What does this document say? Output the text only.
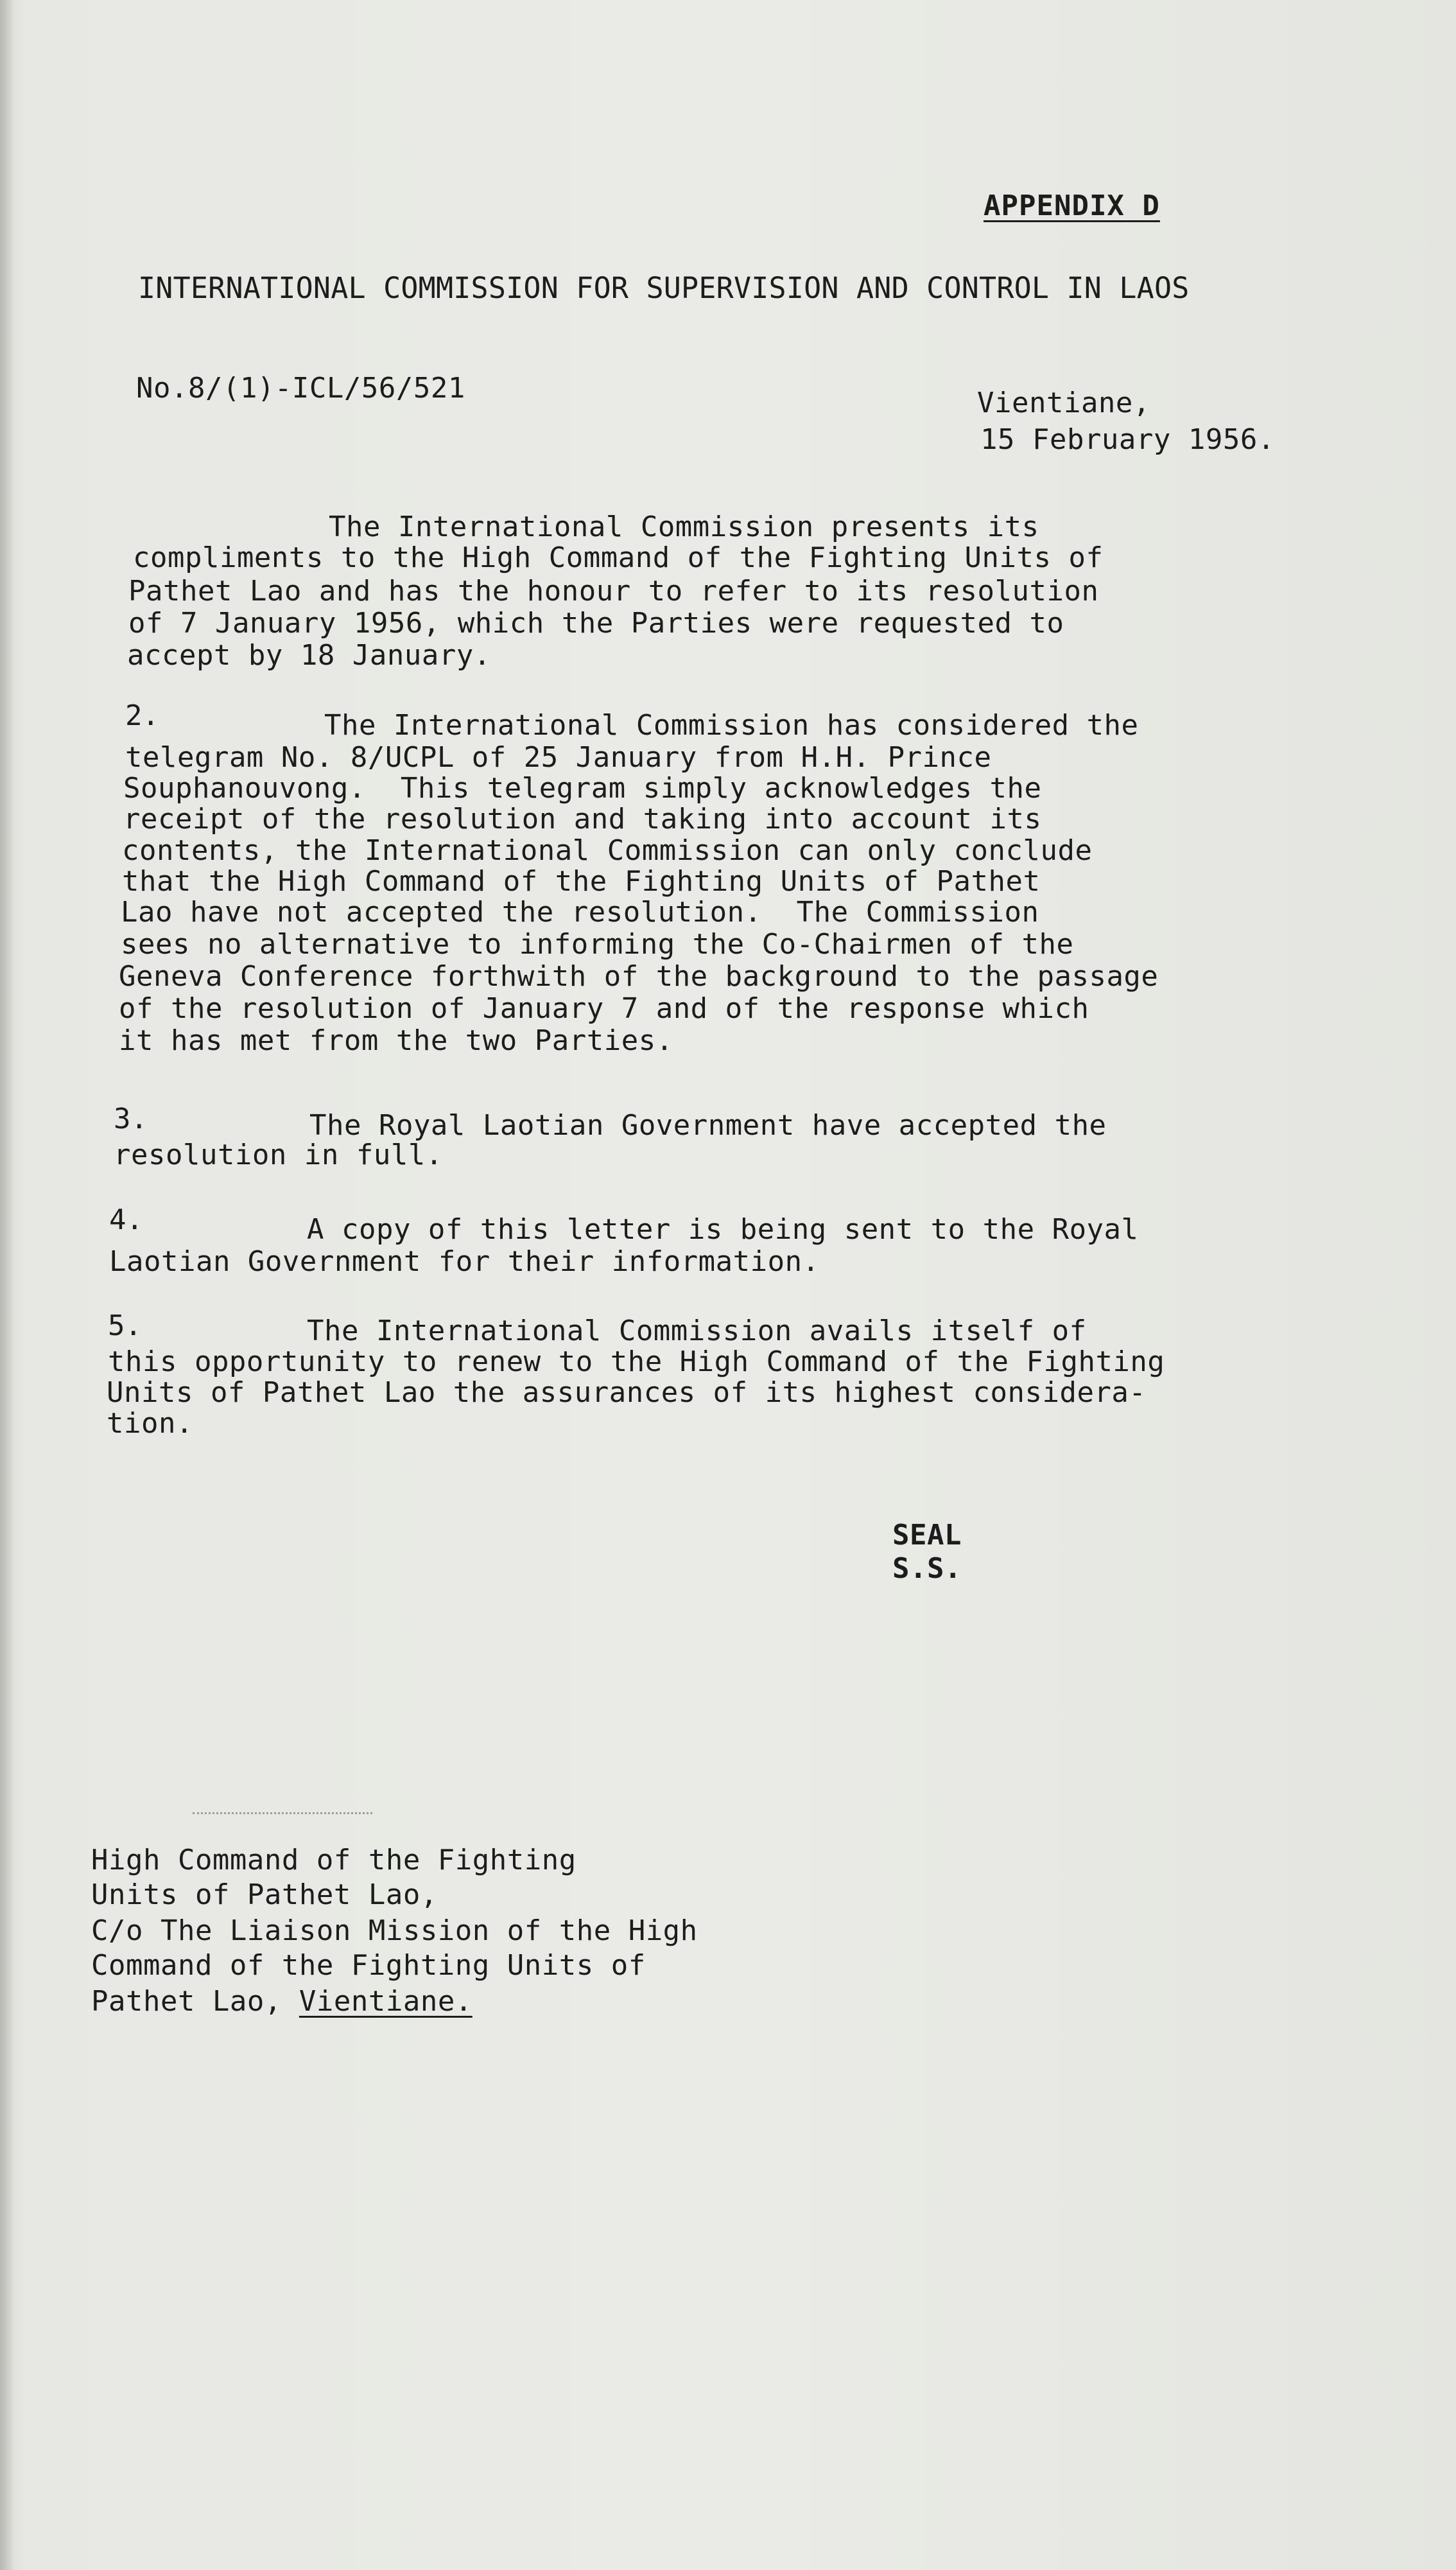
APPENDIX D
INTERNATIONAL COMMISSION FOR SUPERVISION AND CONTROL IN LAOS
No.8/(1)-ICL/56/521	Vientiane,
15 February 1956.
The International Commission presents its
compliments to the High Command of the Fighting Units of
Pathet Lao and has the honour to refer to its resolution
of 7 January 1956, which the Parties were requested to
accept by 18 January.
2.	The International Commission has considered the
telegram No. 8/UCPL of 25 January from H.H. Prince
Souphanouvong.  This telegram simply acknowledges the
receipt of the resolution and taking into account its
contents, the International Commission can only conclude
that the High Command of the Fighting Units of Pathet
Lao have not accepted the resolution.  The Commission
sees no alternative to informing the Co-Chairmen of the
Geneva Conference forthwith of the background to the passage
of the resolution of January 7 and of the response which
it has met from the two Parties.
3.	The Royal Laotian Government have accepted the
resolution in full.
4.	A copy of this letter is being sent to the Royal
Laotian Government for their information.
5.	The International Commission avails itself of
this opportunity to renew to the High Command of the Fighting
Units of Pathet Lao the assurances of its highest considera-
tion.
SEAL
S.S.
High Command of the Fighting
Units of Pathet Lao,
C/o The Liaison Mission of the High
Command of the Fighting Units of
Pathet Lao, Vientiane.
